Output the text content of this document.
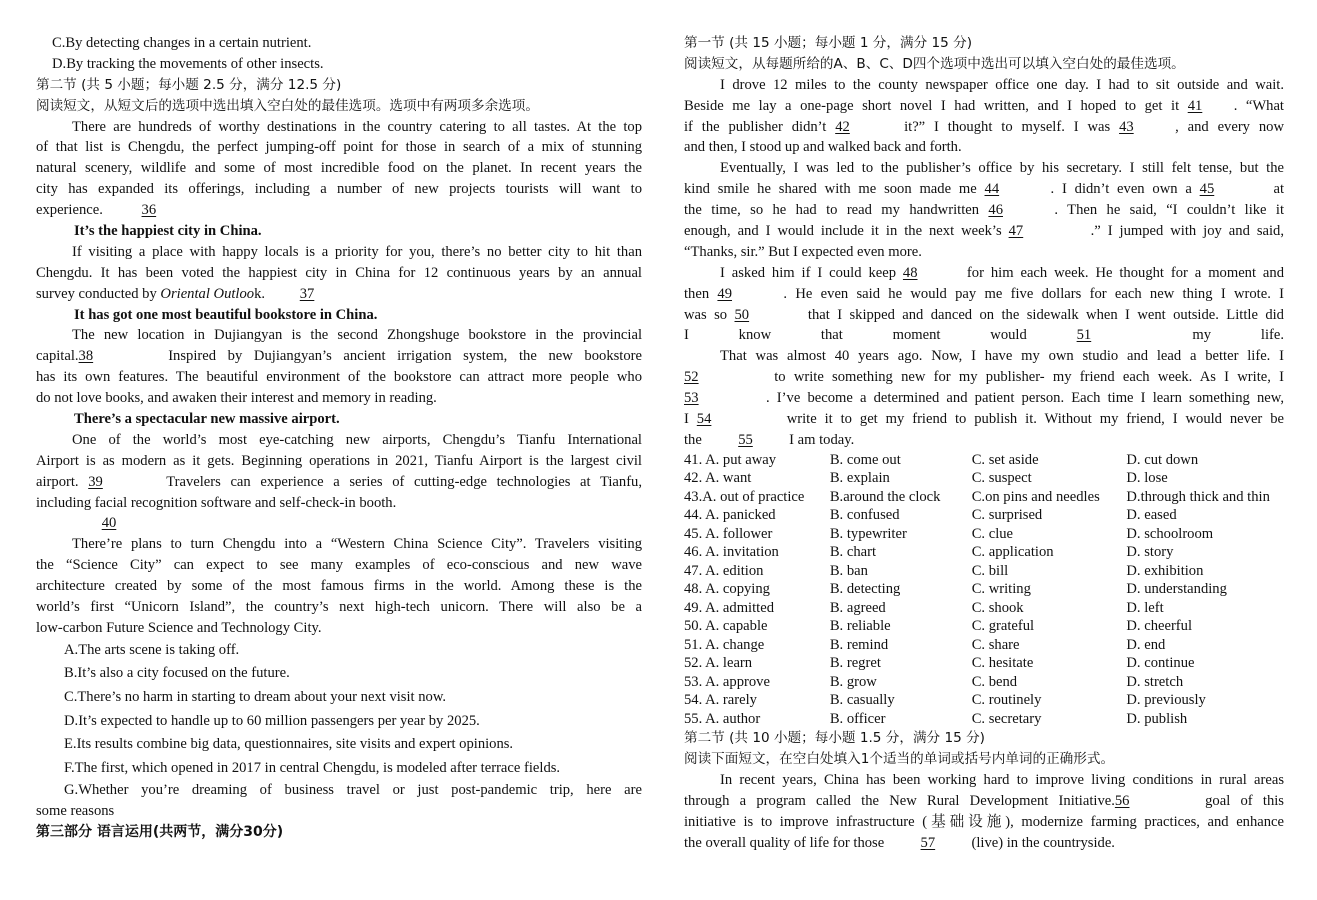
C.By detecting changes in a certain nutrient.
D.By tracking the movements of other insects.
第二节 (共 5 小题；每小题 2.5 分，满分 12.5 分)
阅读短文，从短文后的选项中选出填入空白处的最佳选项。选项中有两项多余选项。
There are hundreds of worthy destinations in the country catering to all tastes. At the top
of that list is Chengdu, the perfect jumping-off point for those in search of a mix of stunning
natural scenery, wildlife and some of most incredible food on the planet. In recent years the
city has expanded its offerings, including a number of new projects tourists will want to
experience.	36
It’s the happiest city in China.
If visiting a place with happy locals is a priority for you, there’s no better city to hit than
Chengdu. It has been voted the happiest city in China for 12 continuous years by an annual
survey conducted by Oriental Outlook. 37
It has got one most beautiful bookstore in China.
The new location in Dujiangyan is the second Zhongshuge bookstore in the provincial
capital.38	Inspired by Dujiangyan’s ancient irrigation system, the new bookstore
has its own features. The beautiful environment of the bookstore can attract more people who
do not love books, and awaken their interest and memory in reading.
There’s a spectacular new massive airport.
One of the world’s most eye-catching new airports, Chengdu’s Tianfu International
Airport is as modern as it gets. Beginning operations in 2021, Tianfu Airport is the largest civil
airport. 39	Travelers can experience a series of cutting-edge technologies at Tianfu,
including facial recognition software and self-check-in booth.
40
There’re plans to turn Chengdu into a “Western China Science City”. Travelers visiting
the “Science City” can expect to see many examples of eco-conscious and new wave
architecture created by some of the most famous firms in the world. Among these is the
world’s first “Unicorn Island”, the country’s next high-tech unicorn. There will also be a
low-carbon Future Science and Technology City.
A.The arts scene is taking off.
B.It’s also a city focused on the future.
C.There’s no harm in starting to dream about your next visit now.
D.It’s expected to handle up to 60 million passengers per year by 2025.
E.Its results combine big data, questionnaires, site visits and expert opinions.
F.The first, which opened in 2017 in central Chengdu, is modeled after terrace fields.
G.Whether you’re dreaming of business travel or just post-pandemic trip, here are
some reasons
第三部分 语言运用(共两节，满分30分)
第一节 (共 15 小题；每小题 1 分，满分 15 分)
阅读短文，从每题所给的A、B、C、D四个选项中选出可以填入空白处的最佳选项。
I drove 12 miles to the county newspaper office one day. I had to sit outside and wait.
Beside me lay a one-page short novel I had written, and I hoped to get it 41 . “What
if the publisher didn’t 42	it?” I thought to myself. I was 43	, and every now
and then, I stood up and walked back and forth.
Eventually, I was led to the publisher’s office by his secretary. I still felt tense, but the
kind smile he shared with me soon made me 44	. I didn’t even own a 45	at
the time, so he had to read my handwritten 46	. Then he said, “I couldn’t like it
enough, and I would include it in the next week’s 47	.” I jumped with joy and said,
“Thanks, sir.” But I expected even more.
I asked him if I could keep 48	for him each week. He thought for a moment and
then 49	. He even said he would pay me five dollars for each new thing I wrote. I
was so 50	that I skipped and danced on the sidewalk when I went outside. Little did
I know that moment would 51	my life.
That was almost 40 years ago. Now, I have my own studio and lead a better life. I
52	to write something new for my publisher- my friend each week. As I write, I
53	. I’ve become a determined and patient person. Each time I learn something new,
I 54	write it to get my friend to publish it. Without my friend, I would never be
the 55 I am today.
41. A. put away	B. come out	C. set aside	D. cut down
42. A. want	B. explain	C. suspect	D. lose
43.A. out of practice	B.around the clock	C.on pins and needles	D.through thick and thin
44. A. panicked	B. confused	C. surprised	D. eased
45. A. follower	B. typewriter	C. clue	D. schoolroom
46. A. invitation	B. chart	C. application	D. story
47. A. edition	B. ban	C. bill	D. exhibition
48. A. copying	B. detecting	C. writing	D. understanding
49. A. admitted	B. agreed	C. shook	D. left
50. A. capable	B. reliable	C. grateful	D. cheerful
51. A. change	B. remind	C. share	D. end
52. A. learn	B. regret	C. hesitate	D. continue
53. A. approve	B. grow	C. bend	D. stretch
54. A. rarely	B. casually	C. routinely	D. previously
55. A. author	B. officer	C. secretary	D. publish
第二节 (共 10 小题；每小题 1.5 分，满分 15 分)
阅读下面短文，在空白处填入1个适当的单词或括号内单词的正确形式。
In recent years, China has been working hard to improve living conditions in rural areas
through a program called the New Rural Development Initiative.56	goal of this
initiative is to improve infrastructure (基础设施), modernize farming practices, and enhance
the overall quality of life for those 57 (live) in the countryside.
